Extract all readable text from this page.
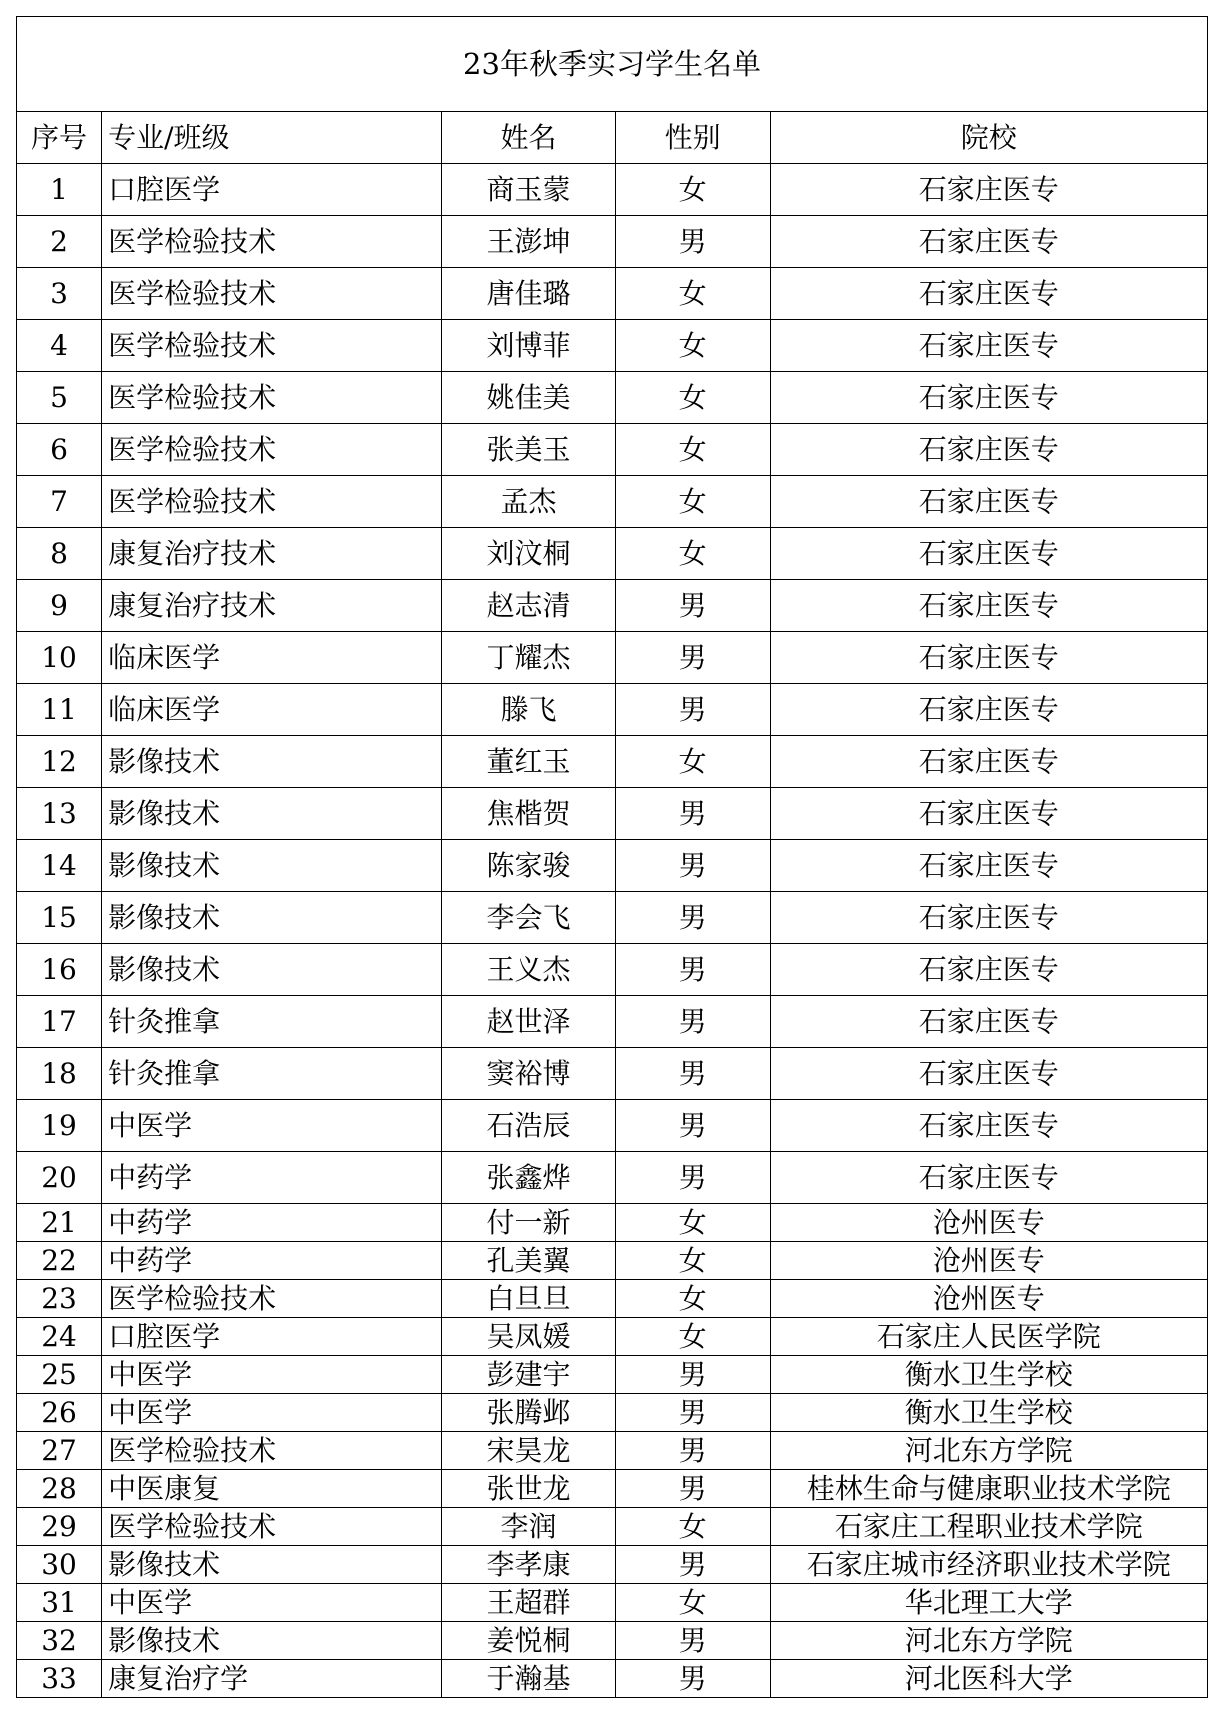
23年秋季实习学生名单				
序号	专业/班级	姓名	性别	院校
1	口腔医学	商玉蒙	女	石家庄医专
2	医学检验技术	王澎坤	男	石家庄医专
3	医学检验技术	唐佳璐	女	石家庄医专
4	医学检验技术	刘博菲	女	石家庄医专
5	医学检验技术	姚佳美	女	石家庄医专
6	医学检验技术	张美玉	女	石家庄医专
7	医学检验技术	孟杰	女	石家庄医专
8	康复治疗技术	刘汶桐	女	石家庄医专
9	康复治疗技术	赵志清	男	石家庄医专
10	临床医学	丁耀杰	男	石家庄医专
11	临床医学	滕飞	男	石家庄医专
12	影像技术	董红玉	女	石家庄医专
13	影像技术	焦楷贺	男	石家庄医专
14	影像技术	陈家骏	男	石家庄医专
15	影像技术	李会飞	男	石家庄医专
16	影像技术	王义杰	男	石家庄医专
17	针灸推拿	赵世泽	男	石家庄医专
18	针灸推拿	窦裕博	男	石家庄医专
19	中医学	石浩辰	男	石家庄医专
20	中药学	张鑫烨	男	石家庄医专
21	中药学	付一新	女	沧州医专
22	中药学	孔美翼	女	沧州医专
23	医学检验技术	白旦旦	女	沧州医专
24	口腔医学	吴凤媛	女	石家庄人民医学院
25	中医学	彭建宇	男	衡水卫生学校
26	中医学	张腾邺	男	衡水卫生学校
27	医学检验技术	宋昊龙	男	河北东方学院
28	中医康复	张世龙	男	桂林生命与健康职业技术学院
29	医学检验技术	李润	女	石家庄工程职业技术学院
30	影像技术	李孝康	男	石家庄城市经济职业技术学院
31	中医学	王超群	女	华北理工大学
32	影像技术	姜悦桐	男	河北东方学院
33	康复治疗学	于瀚基	男	河北医科大学
